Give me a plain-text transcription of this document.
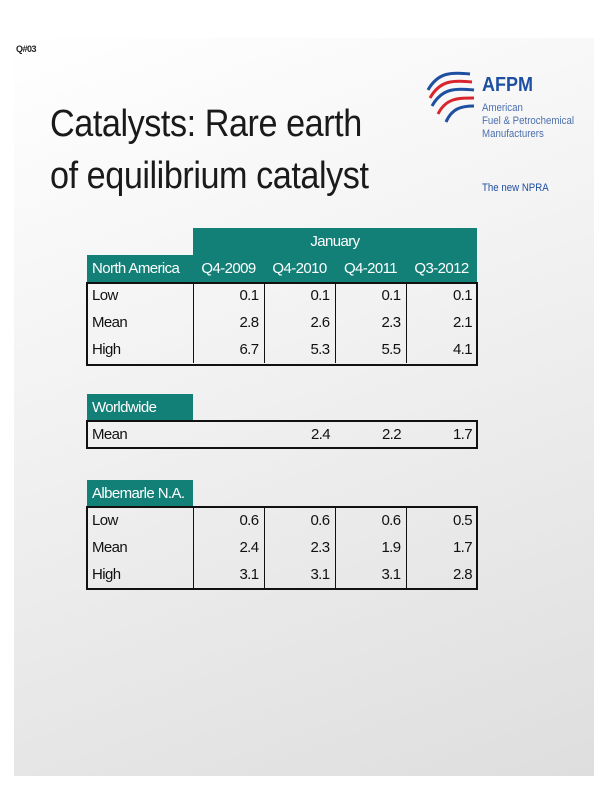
Q#03
Catalysts: Rare earth of equilibrium catalyst
AFPM
American
Fuel & Petrochemical
Manufacturers
The new NPRA
	January			
North America	Q4-2009	Q4-2010	Q4-2011	Q3-2012
Low	0.1	0.1	0.1	0.1
Mean	2.8	2.6	2.3	2.1
High	6.7	5.3	5.5	4.1
Worldwide				
Mean		2.4	2.2	1.7
Albemarle N.A.				
Low	0.6	0.6	0.6	0.5
Mean	2.4	2.3	1.9	1.7
High	3.1	3.1	3.1	2.8
